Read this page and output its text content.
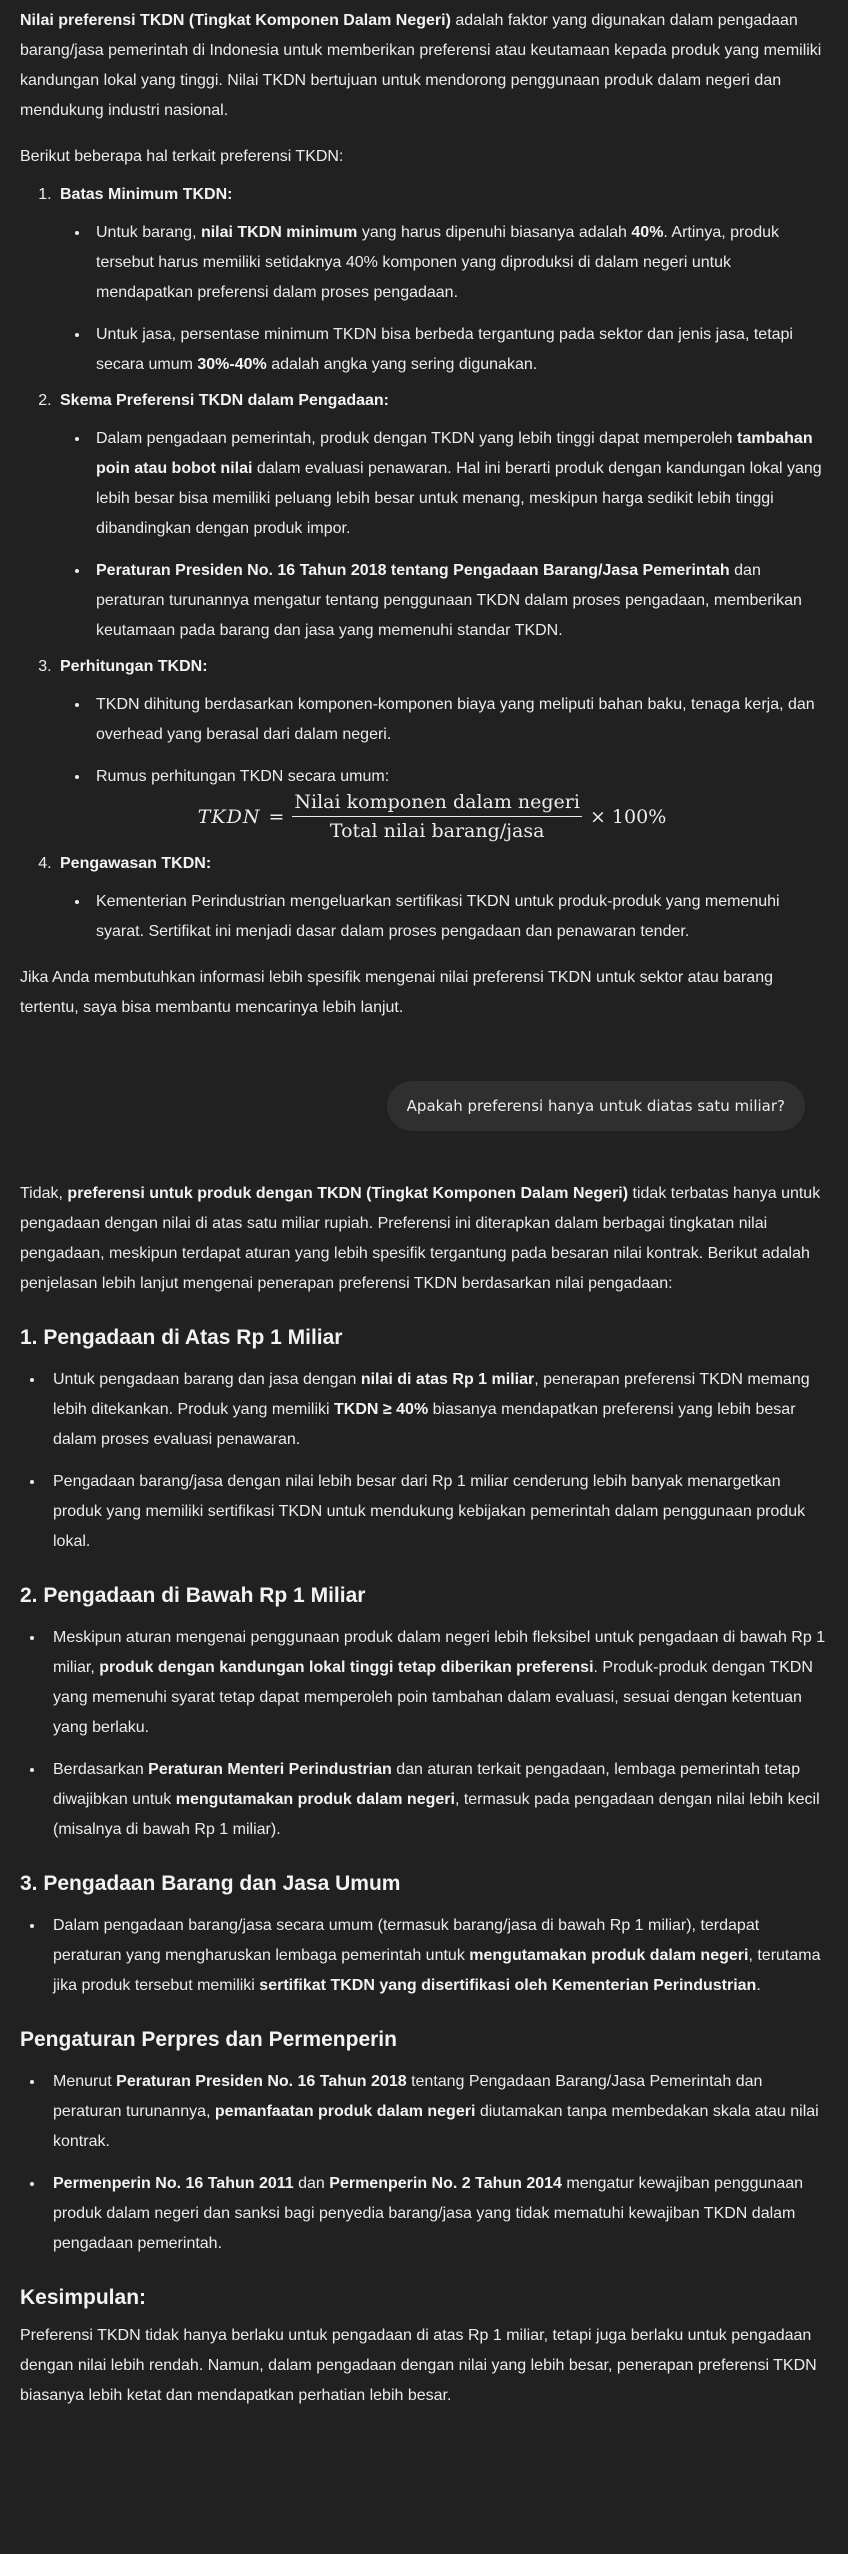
Nilai preferensi TKDN (Tingkat Komponen Dalam Negeri) adalah faktor yang digunakan dalam pengadaan barang/jasa pemerintah di Indonesia untuk memberikan preferensi atau keutamaan kepada produk yang memiliki kandungan lokal yang tinggi. Nilai TKDN bertujuan untuk mendorong penggunaan produk dalam negeri dan mendukung industri nasional.

Berikut beberapa hal terkait preferensi TKDN:

1. Batas Minimum TKDN:
• Untuk barang, nilai TKDN minimum yang harus dipenuhi biasanya adalah 40%. Artinya, produk tersebut harus memiliki setidaknya 40% komponen yang diproduksi di dalam negeri untuk mendapatkan preferensi dalam proses pengadaan.
• Untuk jasa, persentase minimum TKDN bisa berbeda tergantung pada sektor dan jenis jasa, tetapi secara umum 30%-40% adalah angka yang sering digunakan.
2. Skema Preferensi TKDN dalam Pengadaan:
• Dalam pengadaan pemerintah, produk dengan TKDN yang lebih tinggi dapat memperoleh tambahan poin atau bobot nilai dalam evaluasi penawaran. Hal ini berarti produk dengan kandungan lokal yang lebih besar bisa memiliki peluang lebih besar untuk menang, meskipun harga sedikit lebih tinggi dibandingkan dengan produk impor.
• Peraturan Presiden No. 16 Tahun 2018 tentang Pengadaan Barang/Jasa Pemerintah dan peraturan turunannya mengatur tentang penggunaan TKDN dalam proses pengadaan, memberikan keutamaan pada barang dan jasa yang memenuhi standar TKDN.
3. Perhitungan TKDN:
• TKDN dihitung berdasarkan komponen-komponen biaya yang meliputi bahan baku, tenaga kerja, dan overhead yang berasal dari dalam negeri.
• Rumus perhitungan TKDN secara umum:
TKDN = $\frac{\text{Nilai komponen dalam negeri}}{\text{Total nilai barang/jasa}} \times 100\%$
4. Pengawasan TKDN:
• Kementerian Perindustrian mengeluarkan sertifikasi TKDN untuk produk-produk yang memenuhi syarat. Sertifikat ini menjadi dasar dalam proses pengadaan dan penawaran tender.

Jika Anda membutuhkan informasi lebih spesifik mengenai nilai preferensi TKDN untuk sektor atau barang tertentu, saya bisa membantu mencarinya lebih lanjut.

Apakah preferensi hanya untuk diatas satu miliar?

Tidak, preferensi untuk produk dengan TKDN (Tingkat Komponen Dalam Negeri) tidak terbatas hanya untuk pengadaan dengan nilai di atas satu miliar rupiah. Preferensi ini diterapkan dalam berbagai tingkatan nilai pengadaan, meskipun terdapat aturan yang lebih spesifik tergantung pada besaran nilai kontrak. Berikut adalah penjelasan lebih lanjut mengenai penerapan preferensi TKDN berdasarkan nilai pengadaan:

1. Pengadaan di Atas Rp 1 Miliar
• Untuk pengadaan barang dan jasa dengan nilai di atas Rp 1 miliar, penerapan preferensi TKDN memang lebih ditekankan. Produk yang memiliki TKDN ≥ 40% biasanya mendapatkan preferensi yang lebih besar dalam proses evaluasi penawaran.
• Pengadaan barang/jasa dengan nilai lebih besar dari Rp 1 miliar cenderung lebih banyak menargetkan produk yang memiliki sertifikasi TKDN untuk mendukung kebijakan pemerintah dalam penggunaan produk lokal.
2. Pengadaan di Bawah Rp 1 Miliar
• Meskipun aturan mengenai penggunaan produk dalam negeri lebih fleksibel untuk pengadaan di bawah Rp 1 miliar, produk dengan kandungan lokal tinggi tetap diberikan preferensi. Produk-produk dengan TKDN yang memenuhi syarat tetap dapat memperoleh poin tambahan dalam evaluasi, sesuai dengan ketentuan yang berlaku.
• Berdasarkan Peraturan Menteri Perindustrian dan aturan terkait pengadaan, lembaga pemerintah tetap diwajibkan untuk mengutamakan produk dalam negeri, termasuk pada pengadaan dengan nilai lebih kecil (misalnya di bawah Rp 1 miliar).
3. Pengadaan Barang dan Jasa Umum
• Dalam pengadaan barang/jasa secara umum (termasuk barang/jasa di bawah Rp 1 miliar), terdapat peraturan yang mengharuskan lembaga pemerintah untuk mengutamakan produk dalam negeri, terutama jika produk tersebut memiliki sertifikat TKDN yang disertifikasi oleh Kementerian Perindustrian.
Pengaturan Perpres dan Permenperin
• Menurut Peraturan Presiden No. 16 Tahun 2018 tentang Pengadaan Barang/Jasa Pemerintah dan peraturan turunannya, pemanfaatan produk dalam negeri diutamakan tanpa membedakan skala atau nilai kontrak.
• Permenperin No. 16 Tahun 2011 dan Permenperin No. 2 Tahun 2014 mengatur kewajiban penggunaan produk dalam negeri dan sanksi bagi penyedia barang/jasa yang tidak mematuhi kewajiban TKDN dalam pengadaan pemerintah.
Kesimpulan:

Preferensi TKDN tidak hanya berlaku untuk pengadaan di atas Rp 1 miliar, tetapi juga berlaku untuk pengadaan dengan nilai lebih rendah. Namun, dalam pengadaan dengan nilai yang lebih besar, penerapan preferensi TKDN biasanya lebih ketat dan mendapatkan perhatian lebih besar.
